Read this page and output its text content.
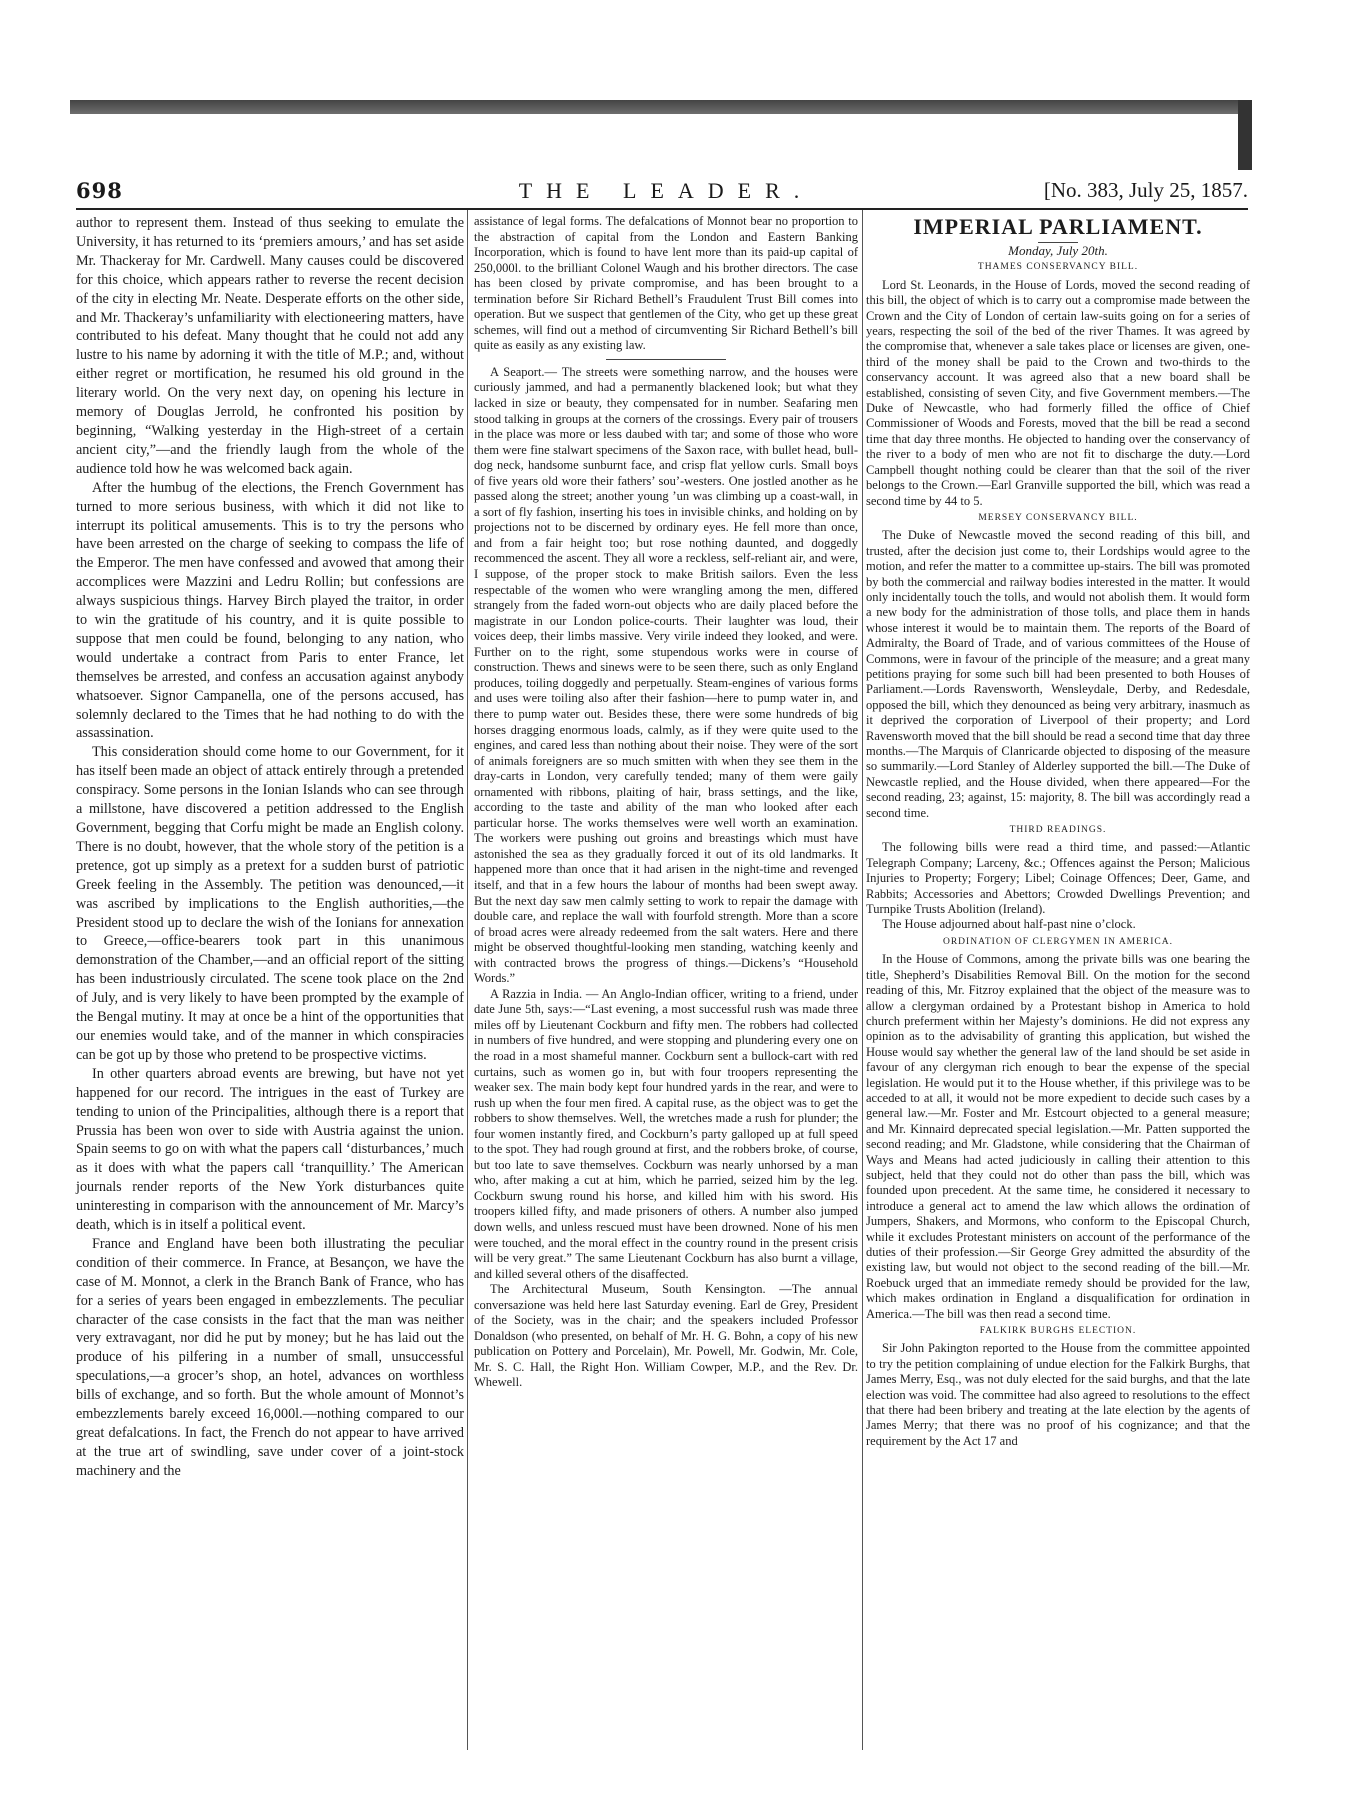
698	THE LEADER.	[No. 383, July 25, 1857.

author to represent them. Instead of thus seeking to emulate the University, it has returned to its ‘premiers amours,’ and has set aside Mr. Thackeray for Mr. Cardwell. Many causes could be discovered for this choice, which appears rather to reverse the recent decision of the city in electing Mr. Neate. Desperate efforts on the other side, and Mr. Thackeray’s unfamiliarity with electioneering matters, have contributed to his defeat. Many thought that he could not add any lustre to his name by adorning it with the title of M.P.; and, without either regret or mortification, he resumed his old ground in the literary world. On the very next day, on opening his lecture in memory of Douglas Jerrold, he confronted his position by beginning, “Walking yesterday in the High-street of a certain ancient city,”—and the friendly laugh from the whole of the audience told how he was welcomed back again.

After the humbug of the elections, the French Government has turned to more serious business, with which it did not like to interrupt its political amusements. This is to try the persons who have been arrested on the charge of seeking to compass the life of the Emperor. The men have confessed and avowed that among their accomplices were Mazzini and Ledru Rollin; but confessions are always suspicious things. Harvey Birch played the traitor, in order to win the gratitude of his country, and it is quite possible to suppose that men could be found, belonging to any nation, who would undertake a contract from Paris to enter France, let themselves be arrested, and confess an accusation against anybody whatsoever. Signor Campanella, one of the persons accused, has solemnly declared to the Times that he had nothing to do with the assassination.

This consideration should come home to our Government, for it has itself been made an object of attack entirely through a pretended conspiracy. Some persons in the Ionian Islands who can see through a millstone, have discovered a petition addressed to the English Government, begging that Corfu might be made an English colony. There is no doubt, however, that the whole story of the petition is a pretence, got up simply as a pretext for a sudden burst of patriotic Greek feeling in the Assembly. The petition was denounced,—it was ascribed by implications to the English authorities,—the President stood up to declare the wish of the Ionians for annexation to Greece,—office-bearers took part in this unanimous demonstration of the Chamber,—and an official report of the sitting has been industriously circulated. The scene took place on the 2nd of July, and is very likely to have been prompted by the example of the Bengal mutiny. It may at once be a hint of the opportunities that our enemies would take, and of the manner in which conspiracies can be got up by those who pretend to be prospective victims.

In other quarters abroad events are brewing, but have not yet happened for our record. The intrigues in the east of Turkey are tending to union of the Principalities, although there is a report that Prussia has been won over to side with Austria against the union. Spain seems to go on with what the papers call ‘disturbances,’ much as it does with what the papers call ‘tranquillity.’ The American journals render reports of the New York disturbances quite uninteresting in comparison with the announcement of Mr. Marcy’s death, which is in itself a political event.

France and England have been both illustrating the peculiar condition of their commerce. In France, at Besançon, we have the case of M. Monnot, a clerk in the Branch Bank of France, who has for a series of years been engaged in embezzlements. The peculiar character of the case consists in the fact that the man was neither very extravagant, nor did he put by money; but he has laid out the produce of his pilfering in a number of small, unsuccessful speculations,—a grocer’s shop, an hotel, advances on worthless bills of exchange, and so forth. But the whole amount of Monnot’s embezzlements barely exceed 16,000l.—nothing compared to our great defalcations. In fact, the French do not appear to have arrived at the true art of swindling, save under cover of a joint-stock machinery and the

assistance of legal forms. The defalcations of Monnot bear no proportion to the abstraction of capital from the London and Eastern Banking Incorporation, which is found to have lent more than its paid-up capital of 250,000l. to the brilliant Colonel Waugh and his brother directors. The case has been closed by private compromise, and has been brought to a termination before Sir Richard Bethell’s Fraudulent Trust Bill comes into operation. But we suspect that gentlemen of the City, who get up these great schemes, will find out a method of circumventing Sir Richard Bethell’s bill quite as easily as any existing law.

A Seaport.— The streets were something narrow, and the houses were curiously jammed, and had a permanently blackened look; but what they lacked in size or beauty, they compensated for in number. Seafaring men stood talking in groups at the corners of the crossings. Every pair of trousers in the place was more or less daubed with tar; and some of those who wore them were fine stalwart specimens of the Saxon race, with bullet head, bull-dog neck, handsome sunburnt face, and crisp flat yellow curls. Small boys of five years old wore their fathers’ sou’-westers. One jostled another as he passed along the street; another young ’un was climbing up a coast-wall, in a sort of fly fashion, inserting his toes in invisible chinks, and holding on by projections not to be discerned by ordinary eyes. He fell more than once, and from a fair height too; but rose nothing daunted, and doggedly recommenced the ascent. They all wore a reckless, self-reliant air, and were, I suppose, of the proper stock to make British sailors. Even the less respectable of the women who were wrangling among the men, differed strangely from the faded worn-out objects who are daily placed before the magistrate in our London police-courts. Their laughter was loud, their voices deep, their limbs massive. Very virile indeed they looked, and were. Further on to the right, some stupendous works were in course of construction. Thews and sinews were to be seen there, such as only England produces, toiling doggedly and perpetually. Steam-engines of various forms and uses were toiling also after their fashion—here to pump water in, and there to pump water out. Besides these, there were some hundreds of big horses dragging enormous loads, calmly, as if they were quite used to the engines, and cared less than nothing about their noise. They were of the sort of animals foreigners are so much smitten with when they see them in the dray-carts in London, very carefully tended; many of them were gaily ornamented with ribbons, plaiting of hair, brass settings, and the like, according to the taste and ability of the man who looked after each particular horse. The works themselves were well worth an examination. The workers were pushing out groins and breastings which must have astonished the sea as they gradually forced it out of its old landmarks. It happened more than once that it had arisen in the night-time and revenged itself, and that in a few hours the labour of months had been swept away. But the next day saw men calmly setting to work to repair the damage with double care, and replace the wall with fourfold strength. More than a score of broad acres were already redeemed from the salt waters. Here and there might be observed thoughtful-looking men standing, watching keenly and with contracted brows the progress of things.—Dickens’s “Household Words.”

A Razzia in India. — An Anglo-Indian officer, writing to a friend, under date June 5th, says:—“Last evening, a most successful rush was made three miles off by Lieutenant Cockburn and fifty men. The robbers had collected in numbers of five hundred, and were stopping and plundering every one on the road in a most shameful manner. Cockburn sent a bullock-cart with red curtains, such as women go in, but with four troopers representing the weaker sex. The main body kept four hundred yards in the rear, and were to rush up when the four men fired. A capital ruse, as the object was to get the robbers to show themselves. Well, the wretches made a rush for plunder; the four women instantly fired, and Cockburn’s party galloped up at full speed to the spot. They had rough ground at first, and the robbers broke, of course, but too late to save themselves. Cockburn was nearly unhorsed by a man who, after making a cut at him, which he parried, seized him by the leg. Cockburn swung round his horse, and killed him with his sword. His troopers killed fifty, and made prisoners of others. A number also jumped down wells, and unless rescued must have been drowned. None of his men were touched, and the moral effect in the country round in the present crisis will be very great.” The same Lieutenant Cockburn has also burnt a village, and killed several others of the disaffected.

The Architectural Museum, South Kensington. —The annual conversazione was held here last Saturday evening. Earl de Grey, President of the Society, was in the chair; and the speakers included Professor Donaldson (who presented, on behalf of Mr. H. G. Bohn, a copy of his new publication on Pottery and Porcelain), Mr. Powell, Mr. Godwin, Mr. Cole, Mr. S. C. Hall, the Right Hon. William Cowper, M.P., and the Rev. Dr. Whewell.

IMPERIAL PARLIAMENT.
Monday, July 20th.
THAMES CONSERVANCY BILL.

Lord St. Leonards, in the House of Lords, moved the second reading of this bill, the object of which is to carry out a compromise made between the Crown and the City of London of certain law-suits going on for a series of years, respecting the soil of the bed of the river Thames. It was agreed by the compromise that, whenever a sale takes place or licenses are given, one-third of the money shall be paid to the Crown and two-thirds to the conservancy account. It was agreed also that a new board shall be established, consisting of seven City, and five Government members.—The Duke of Newcastle, who had formerly filled the office of Chief Commissioner of Woods and Forests, moved that the bill be read a second time that day three months. He objected to handing over the conservancy of the river to a body of men who are not fit to discharge the duty.—Lord Campbell thought nothing could be clearer than that the soil of the river belongs to the Crown.—Earl Granville supported the bill, which was read a second time by 44 to 5.

MERSEY CONSERVANCY BILL.

The Duke of Newcastle moved the second reading of this bill, and trusted, after the decision just come to, their Lordships would agree to the motion, and refer the matter to a committee up-stairs. The bill was promoted by both the commercial and railway bodies interested in the matter. It would only incidentally touch the tolls, and would not abolish them. It would form a new body for the administration of those tolls, and place them in hands whose interest it would be to maintain them. The reports of the Board of Admiralty, the Board of Trade, and of various committees of the House of Commons, were in favour of the principle of the measure; and a great many petitions praying for some such bill had been presented to both Houses of Parliament.—Lords Ravensworth, Wensleydale, Derby, and Redesdale, opposed the bill, which they denounced as being very arbitrary, inasmuch as it deprived the corporation of Liverpool of their property; and Lord Ravensworth moved that the bill should be read a second time that day three months.—The Marquis of Clanricarde objected to disposing of the measure so summarily.—Lord Stanley of Alderley supported the bill.—The Duke of Newcastle replied, and the House divided, when there appeared—For the second reading, 23; against, 15: majority, 8. The bill was accordingly read a second time.

THIRD READINGS.

The following bills were read a third time, and passed:—Atlantic Telegraph Company; Larceny, &c.; Offences against the Person; Malicious Injuries to Property; Forgery; Libel; Coinage Offences; Deer, Game, and Rabbits; Accessories and Abettors; Crowded Dwellings Prevention; and Turnpike Trusts Abolition (Ireland).

The House adjourned about half-past nine o’clock.

ORDINATION OF CLERGYMEN IN AMERICA.

In the House of Commons, among the private bills was one bearing the title, Shepherd’s Disabilities Removal Bill. On the motion for the second reading of this, Mr. Fitzroy explained that the object of the measure was to allow a clergyman ordained by a Protestant bishop in America to hold church preferment within her Majesty’s dominions. He did not express any opinion as to the advisability of granting this application, but wished the House would say whether the general law of the land should be set aside in favour of any clergyman rich enough to bear the expense of the special legislation. He would put it to the House whether, if this privilege was to be acceded to at all, it would not be more expedient to decide such cases by a general law.—Mr. Foster and Mr. Estcourt objected to a general measure; and Mr. Kinnaird deprecated special legislation.—Mr. Patten supported the second reading; and Mr. Gladstone, while considering that the Chairman of Ways and Means had acted judiciously in calling their attention to this subject, held that they could not do other than pass the bill, which was founded upon precedent. At the same time, he considered it necessary to introduce a general act to amend the law which allows the ordination of Jumpers, Shakers, and Mormons, who conform to the Episcopal Church, while it excludes Protestant ministers on account of the performance of the duties of their profession.—Sir George Grey admitted the absurdity of the existing law, but would not object to the second reading of the bill.—Mr. Roebuck urged that an immediate remedy should be provided for the law, which makes ordination in England a disqualification for ordination in America.—The bill was then read a second time.

FALKIRK BURGHS ELECTION.

Sir John Pakington reported to the House from the committee appointed to try the petition complaining of undue election for the Falkirk Burghs, that James Merry, Esq., was not duly elected for the said burghs, and that the late election was void. The committee had also agreed to resolutions to the effect that there had been bribery and treating at the late election by the agents of James Merry; that there was no proof of his cognizance; and that the requirement by the Act 17 and
